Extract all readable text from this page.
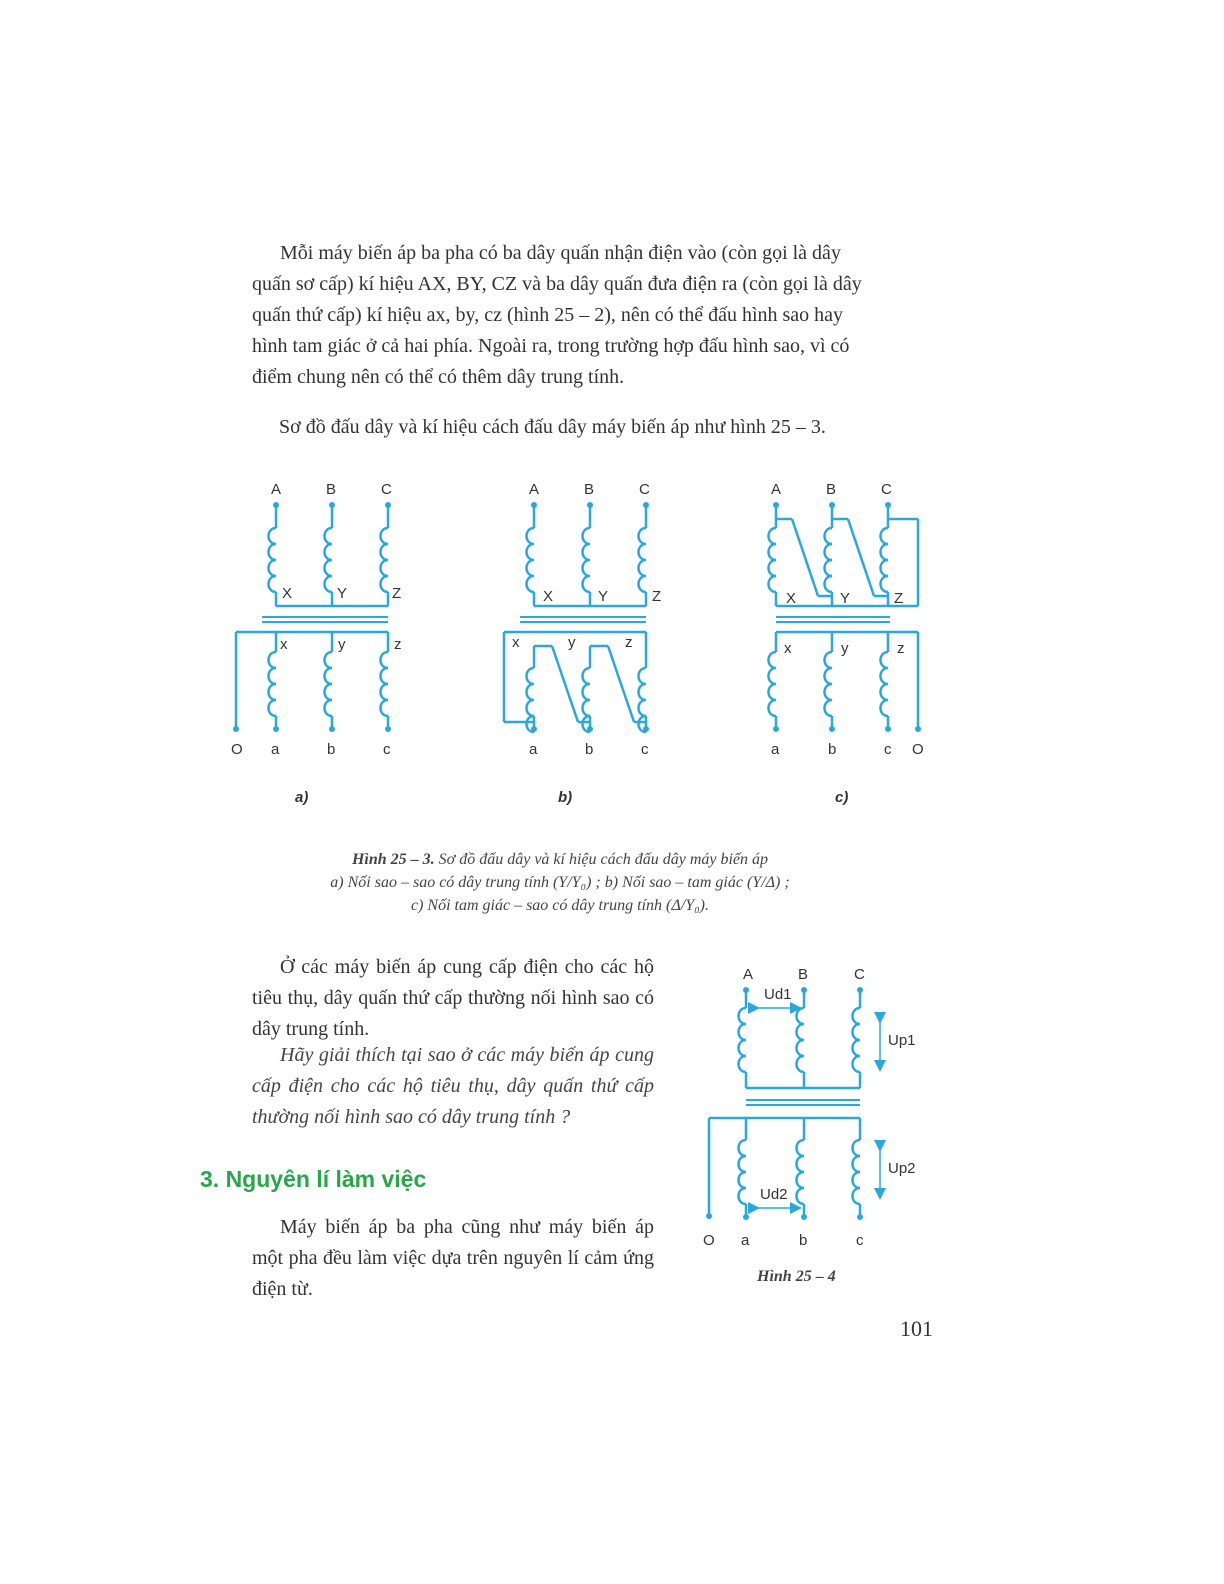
Mỗi máy biến áp ba pha có ba dây quấn nhận điện vào (còn gọi là dây
quấn sơ cấp) kí hiệu AX, BY, CZ và ba dây quấn đưa điện ra (còn gọi là dây
quấn thứ cấp) kí hiệu ax, by, cz (hình 25 – 2), nên có thể đấu hình sao hay
hình tam giác ở cả hai phía. Ngoài ra, trong trường hợp đấu hình sao, vì có
điểm chung nên có thể có thêm dây trung tính.

Sơ đồ đấu dây và kí hiệu cách đấu dây máy biến áp như hình 25 – 3.

A	B	C
X	Y	Z
x	y	z
O a	b	c
a)
A	B	C
X	Y	Z
x	y	z
a	b	c
b)
A	B	C
X	Y	Z
x	y	z
a	b	c O
c)
Hình 25 – 3. Sơ đồ đấu dây và kí hiệu cách đấu dây máy biến áp
a) Nối sao – sao có dây trung tính (Y/Y₀) ; b) Nối sao – tam giác (Y/Δ) ;
c) Nối tam giác – sao có dây trung tính (Δ/Y₀).

Ở các máy biến áp cung cấp điện cho các hộ tiêu thụ, dây quấn thứ cấp thường nối hình sao có dây trung tính.

Hãy giải thích tại sao ở các máy biến áp cung cấp điện cho các hộ tiêu thụ, dây quấn thứ cấp thường nối hình sao có dây trung tính ?

3. Nguyên lí làm việc

Máy biến áp ba pha cũng như máy biến áp một pha đều làm việc dựa trên nguyên lí cảm ứng điện từ.

A	B	C
Ud1
Up1
Ud2
Up2
O a	b	c
Hình 25 – 4
101
